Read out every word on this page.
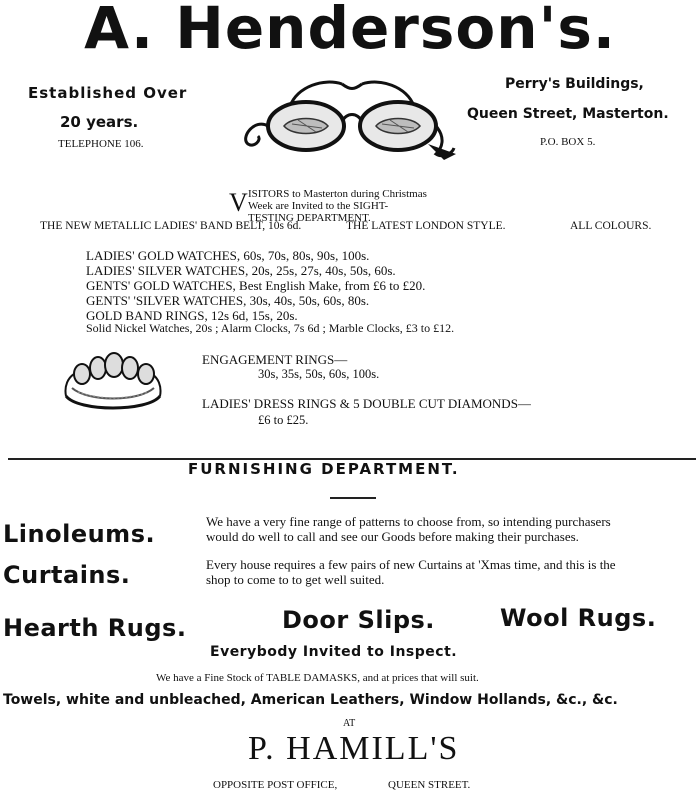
A. Henderson's.
Established Over
20 years.
TELEPHONE 106.
Perry's Buildings,
Queen Street, Masterton.
P.O. BOX 5.
V ISITORS to Masterton during Christmas
Week are Invited to the SIGHT-
TESTING DEPARTMENT.
THE NEW METALLIC LADIES' BAND BELT, 10s 6d.	THE LATEST LONDON STYLE.	ALL COLOURS.
LADIES' GOLD WATCHES, 60s, 70s, 80s, 90s, 100s.
LADIES' SILVER WATCHES, 20s, 25s, 27s, 40s, 50s, 60s.
GENTS' GOLD WATCHES, Best English Make, from £6 to £20.
GENTS' 'SILVER WATCHES, 30s, 40s, 50s, 60s, 80s.
GOLD BAND RINGS, 12s 6d, 15s, 20s.
Solid Nickel Watches, 20s ; Alarm Clocks, 7s 6d ; Marble Clocks, £3 to £12.
ENGAGEMENT RINGS—
30s, 35s, 50s, 60s, 100s.
LADIES' DRESS RINGS & 5 DOUBLE CUT DIAMONDS—
£6 to £25.
FURNISHING DEPARTMENT.
Linoleums.	We have a very fine range of patterns to choose from, so intending purchasers
would do well to call and see our Goods before making their purchases.
Curtains.	Every house requires a few pairs of new Curtains at 'Xmas time, and this is the
shop to come to to get well suited.
Hearth Rugs.	Door Slips.	Wool Rugs.
Everybody Invited to Inspect.
We have a Fine Stock of TABLE DAMASKS, and at prices that will suit.
Towels, white and unbleached, American Leathers, Window Hollands, &c., &c.
AT
P. HAMILL'S
OPPOSITE POST OFFICE,	QUEEN STREET.
